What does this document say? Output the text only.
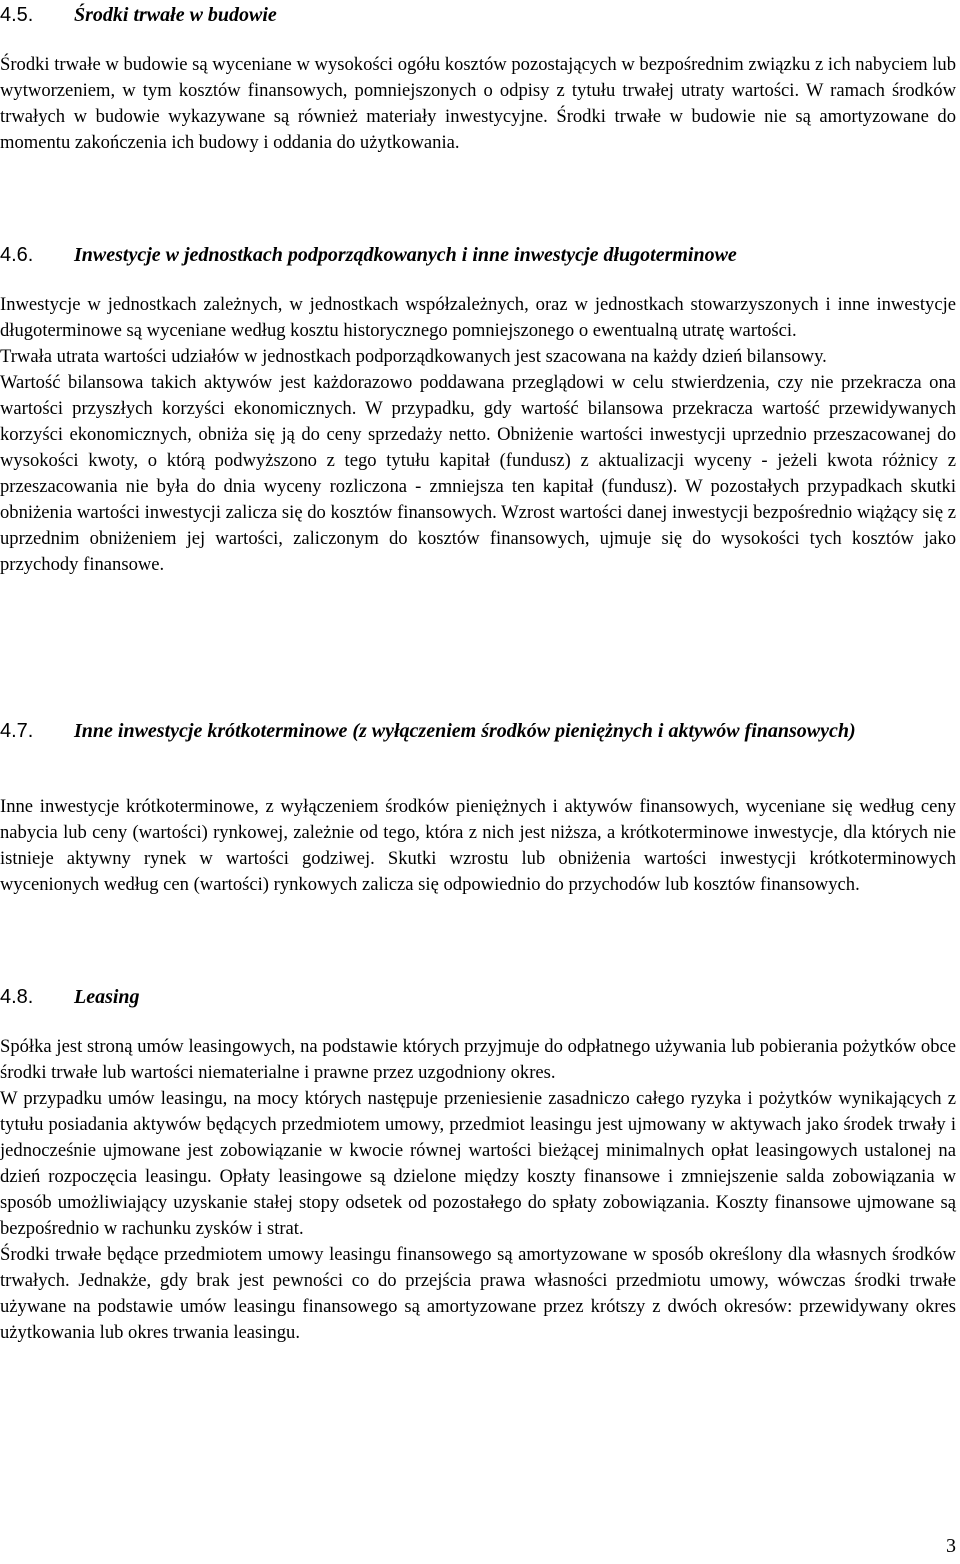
4.5. Środki trwałe w budowie

Środki trwałe w budowie są wyceniane w wysokości ogółu kosztów pozostających w bezpośrednim związku z ich nabyciem lub wytworzeniem, w tym kosztów finansowych, pomniejszonych o odpisy z tytułu trwałej utraty wartości. W ramach środków trwałych w budowie wykazywane są również materiały inwestycyjne. Środki trwałe w budowie nie są amortyzowane do momentu zakończenia ich budowy i oddania do użytkowania.

4.6. Inwestycje w jednostkach podporządkowanych i inne inwestycje długoterminowe

Inwestycje w jednostkach zależnych, w jednostkach współzależnych, oraz w jednostkach stowarzyszonych i inne inwestycje długoterminowe są wyceniane według kosztu historycznego pomniejszonego o ewentualną utratę wartości.

Trwała utrata wartości udziałów w jednostkach podporządkowanych jest szacowana na każdy dzień bilansowy.

Wartość bilansowa takich aktywów jest każdorazowo poddawana przeglądowi w celu stwierdzenia, czy nie przekracza ona wartości przyszłych korzyści ekonomicznych. W przypadku, gdy wartość bilansowa przekracza wartość przewidywanych korzyści ekonomicznych, obniża się ją do ceny sprzedaży netto. Obniżenie wartości inwestycji uprzednio przeszacowanej do wysokości kwoty, o którą podwyższono z tego tytułu kapitał (fundusz) z aktualizacji wyceny - jeżeli kwota różnicy z przeszacowania nie była do dnia wyceny rozliczona - zmniejsza ten kapitał (fundusz). W pozostałych przypadkach skutki obniżenia wartości inwestycji zalicza się do kosztów finansowych. Wzrost wartości danej inwestycji bezpośrednio wiążący się z uprzednim obniżeniem jej wartości, zaliczonym do kosztów finansowych, ujmuje się do wysokości tych kosztów jako przychody finansowe.

4.7. Inne inwestycje krótkoterminowe (z wyłączeniem środków pieniężnych i aktywów finansowych)

Inne inwestycje krótkoterminowe, z wyłączeniem środków pieniężnych i aktywów finansowych, wyceniane się według ceny nabycia lub ceny (wartości) rynkowej, zależnie od tego, która z nich jest niższa, a krótkoterminowe inwestycje, dla których nie istnieje aktywny rynek w wartości godziwej. Skutki wzrostu lub obniżenia wartości inwestycji krótkoterminowych wycenionych według cen (wartości) rynkowych zalicza się odpowiednio do przychodów lub kosztów finansowych.

4.8. Leasing

Spółka jest stroną umów leasingowych, na podstawie których przyjmuje do odpłatnego używania lub pobierania pożytków obce środki trwałe lub wartości niematerialne i prawne przez uzgodniony okres.

W przypadku umów leasingu, na mocy których następuje przeniesienie zasadniczo całego ryzyka i pożytków wynikających z tytułu posiadania aktywów będących przedmiotem umowy, przedmiot leasingu jest ujmowany w aktywach jako środek trwały i jednocześnie ujmowane jest zobowiązanie w kwocie równej wartości bieżącej minimalnych opłat leasingowych ustalonej na dzień rozpoczęcia leasingu. Opłaty leasingowe są dzielone między koszty finansowe i zmniejszenie salda zobowiązania w sposób umożliwiający uzyskanie stałej stopy odsetek od pozostałego do spłaty zobowiązania. Koszty finansowe ujmowane są bezpośrednio w rachunku zysków i strat.

Środki trwałe będące przedmiotem umowy leasingu finansowego są amortyzowane w sposób określony dla własnych środków trwałych. Jednakże, gdy brak jest pewności co do przejścia prawa własności przedmiotu umowy, wówczas środki trwałe używane na podstawie umów leasingu finansowego są amortyzowane przez krótszy z dwóch okresów: przewidywany okres użytkowania lub okres trwania leasingu.

3
